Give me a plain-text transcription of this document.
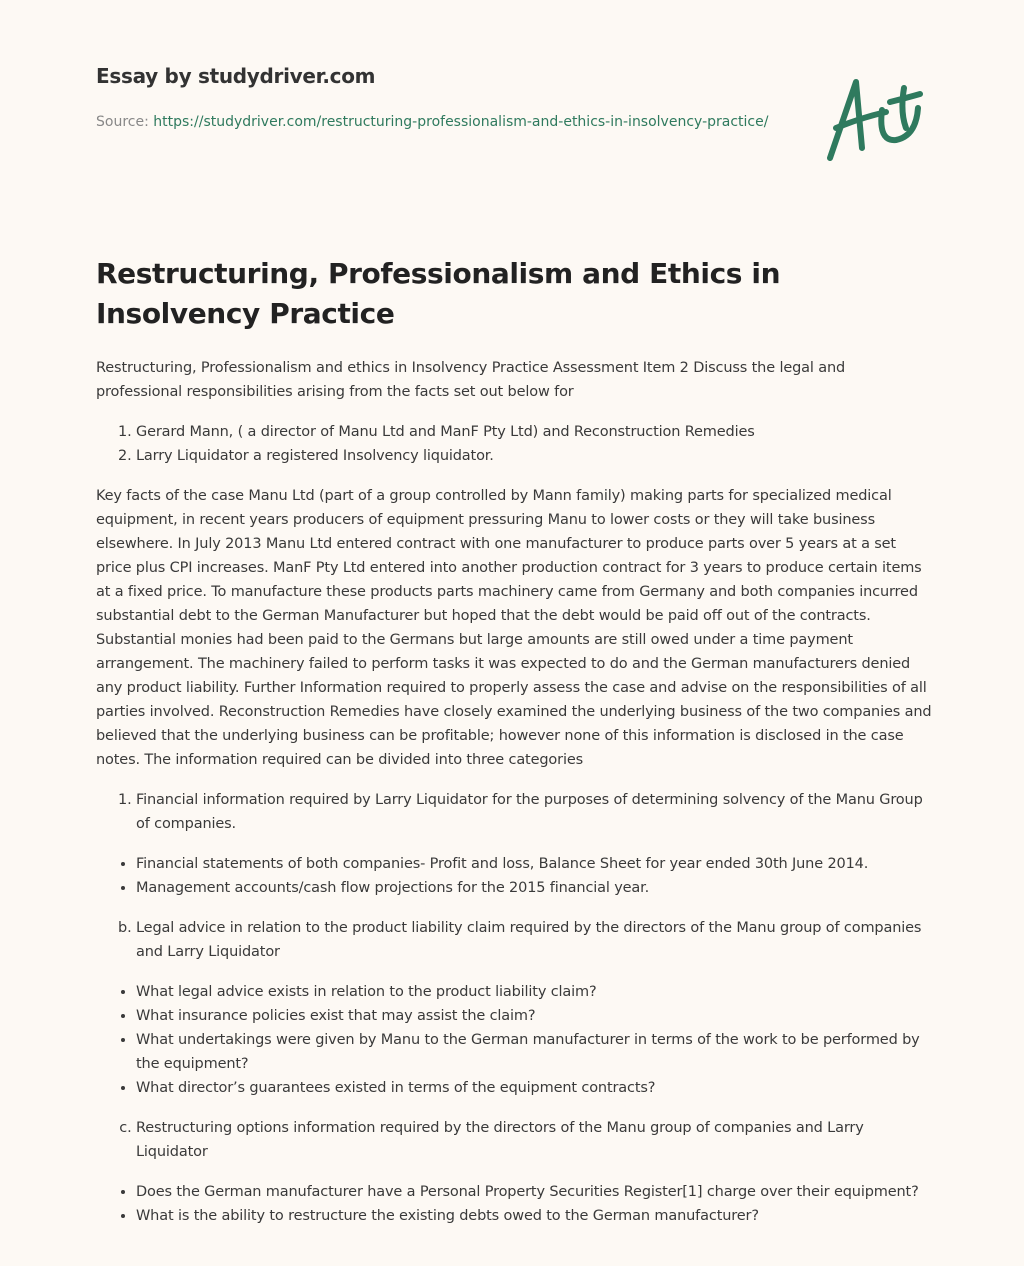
Essay by studydriver.com

Source: https://studydriver.com/restructuring-professionalism-and-ethics-in-insolvency-practice/
Restructuring, Professionalism and Ethics in Insolvency Practice

Restructuring, Professionalism and ethics in Insolvency Practice Assessment Item 2 Discuss the legal and professional responsibilities arising from the facts set out below for

1. Gerard Mann, ( a director of Manu Ltd and ManF Pty Ltd) and Reconstruction Remedies
2. Larry Liquidator a registered Insolvency liquidator.

Key facts of the case Manu Ltd (part of a group controlled by Mann family) making parts for specialized medical equipment, in recent years producers of equipment pressuring Manu to lower costs or they will take business elsewhere. In July 2013 Manu Ltd entered contract with one manufacturer to produce parts over 5 years at a set price plus CPI increases. ManF Pty Ltd entered into another production contract for 3 years to produce certain items at a fixed price. To manufacture these products parts machinery came from Germany and both companies incurred substantial debt to the German Manufacturer but hoped that the debt would be paid off out of the contracts. Substantial monies had been paid to the Germans but large amounts are still owed under a time payment arrangement. The machinery failed to perform tasks it was expected to do and the German manufacturers denied any product liability. Further Information required to properly assess the case and advise on the responsibilities of all parties involved. Reconstruction Remedies have closely examined the underlying business of the two companies and believed that the underlying business can be profitable; however none of this information is disclosed in the case notes. The information required can be divided into three categories

1. Financial information required by Larry Liquidator for the purposes of determining solvency of the Manu Group of companies.
• Financial statements of both companies- Profit and loss, Balance Sheet for year ended 30th June 2014.
• Management accounts/cash flow projections for the 2015 financial year.
b. Legal advice in relation to the product liability claim required by the directors of the Manu group of companies and Larry Liquidator
• What legal advice exists in relation to the product liability claim?
• What insurance policies exist that may assist the claim?
• What undertakings were given by Manu to the German manufacturer in terms of the work to be performed by the equipment?
• What director’s guarantees existed in terms of the equipment contracts?
c. Restructuring options information required by the directors of the Manu group of companies and Larry Liquidator
• Does the German manufacturer have a Personal Property Securities Register[1] charge over their equipment?
• What is the ability to restructure the existing debts owed to the German manufacturer?
